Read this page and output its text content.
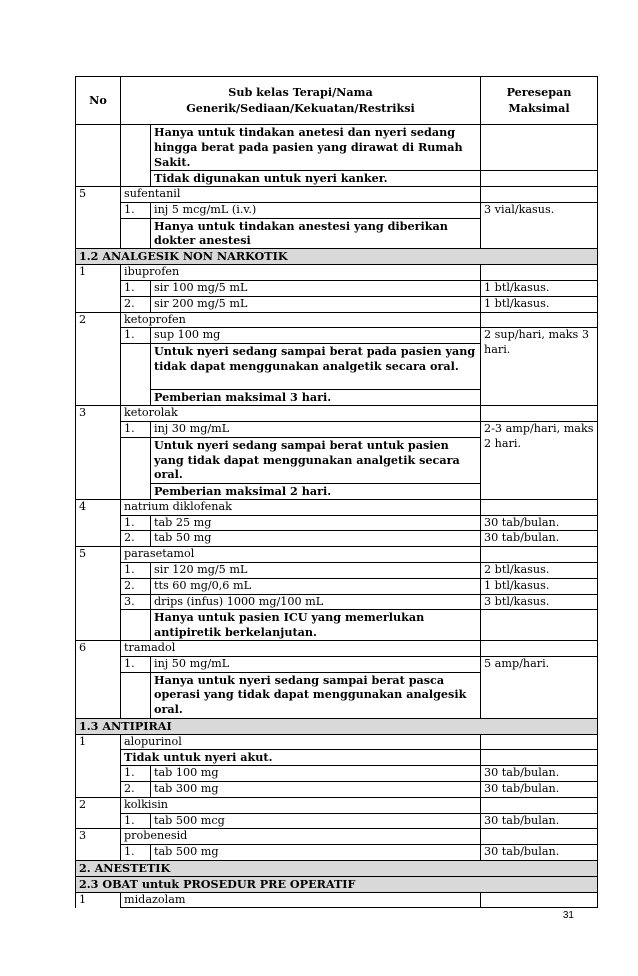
No	Sub kelas Terapi/Nama Generik/Sediaan/Kekuatan/Restriksi		Peresepan Maksimal
		Hanya untuk tindakan anetesi dan nyeri sedang hingga berat pada pasien yang dirawat di Rumah Sakit.	
		Tidak digunakan untuk nyeri kanker.	
5	sufentanil		
	1.	inj 5 mcg/mL (i.v.)	3 vial/kasus.
		Hanya untuk tindakan anestesi yang diberikan dokter anestesi	
1.2 ANALGESIK NON NARKOTIK			
1	ibuprofen		
	1.	sir 100 mg/5 mL	1 btl/kasus.
	2.	sir 200 mg/5 mL	1 btl/kasus.
2	ketoprofen		
	1.	sup 100 mg	2 sup/hari, maks 3 hari.
		Untuk nyeri sedang sampai berat pada pasien yang tidak dapat menggunakan analgetik secara oral.	
		Pemberian maksimal 3 hari.	
3	ketorolak		
	1.	inj 30 mg/mL	2-3 amp/hari, maks 2 hari.
		Untuk nyeri sedang sampai berat untuk pasien yang tidak dapat menggunakan analgetik secara oral.	
		Pemberian maksimal 2 hari.	
4	natrium diklofenak		
	1.	tab 25 mg	30 tab/bulan.
	2.	tab 50 mg	30 tab/bulan.
5	parasetamol		
	1.	sir 120 mg/5 mL	2 btl/kasus.
	2.	tts 60 mg/0,6 mL	1 btl/kasus.
	3.	drips (infus) 1000 mg/100 mL	3 btl/kasus.
		Hanya untuk pasien ICU yang memerlukan antipiretik berkelanjutan.	
6	tramadol		
	1.	inj 50 mg/mL	5 amp/hari.
		Hanya untuk nyeri sedang sampai berat pasca operasi yang tidak dapat menggunakan analgesik oral.	
1.3 ANTIPIRAI			
1	alopurinol		
	Tidak untuk nyeri akut.		
	1.	tab 100 mg	30 tab/bulan.
	2.	tab 300 mg	30 tab/bulan.
2	kolkisin		
	1.	tab 500 mcg	30 tab/bulan.
3	probenesid		
	1.	tab 500 mg	30 tab/bulan.
2. ANESTETIK			
2.3 OBAT untuk PROSEDUR PRE OPERATIF			
1	midazolam		
31
